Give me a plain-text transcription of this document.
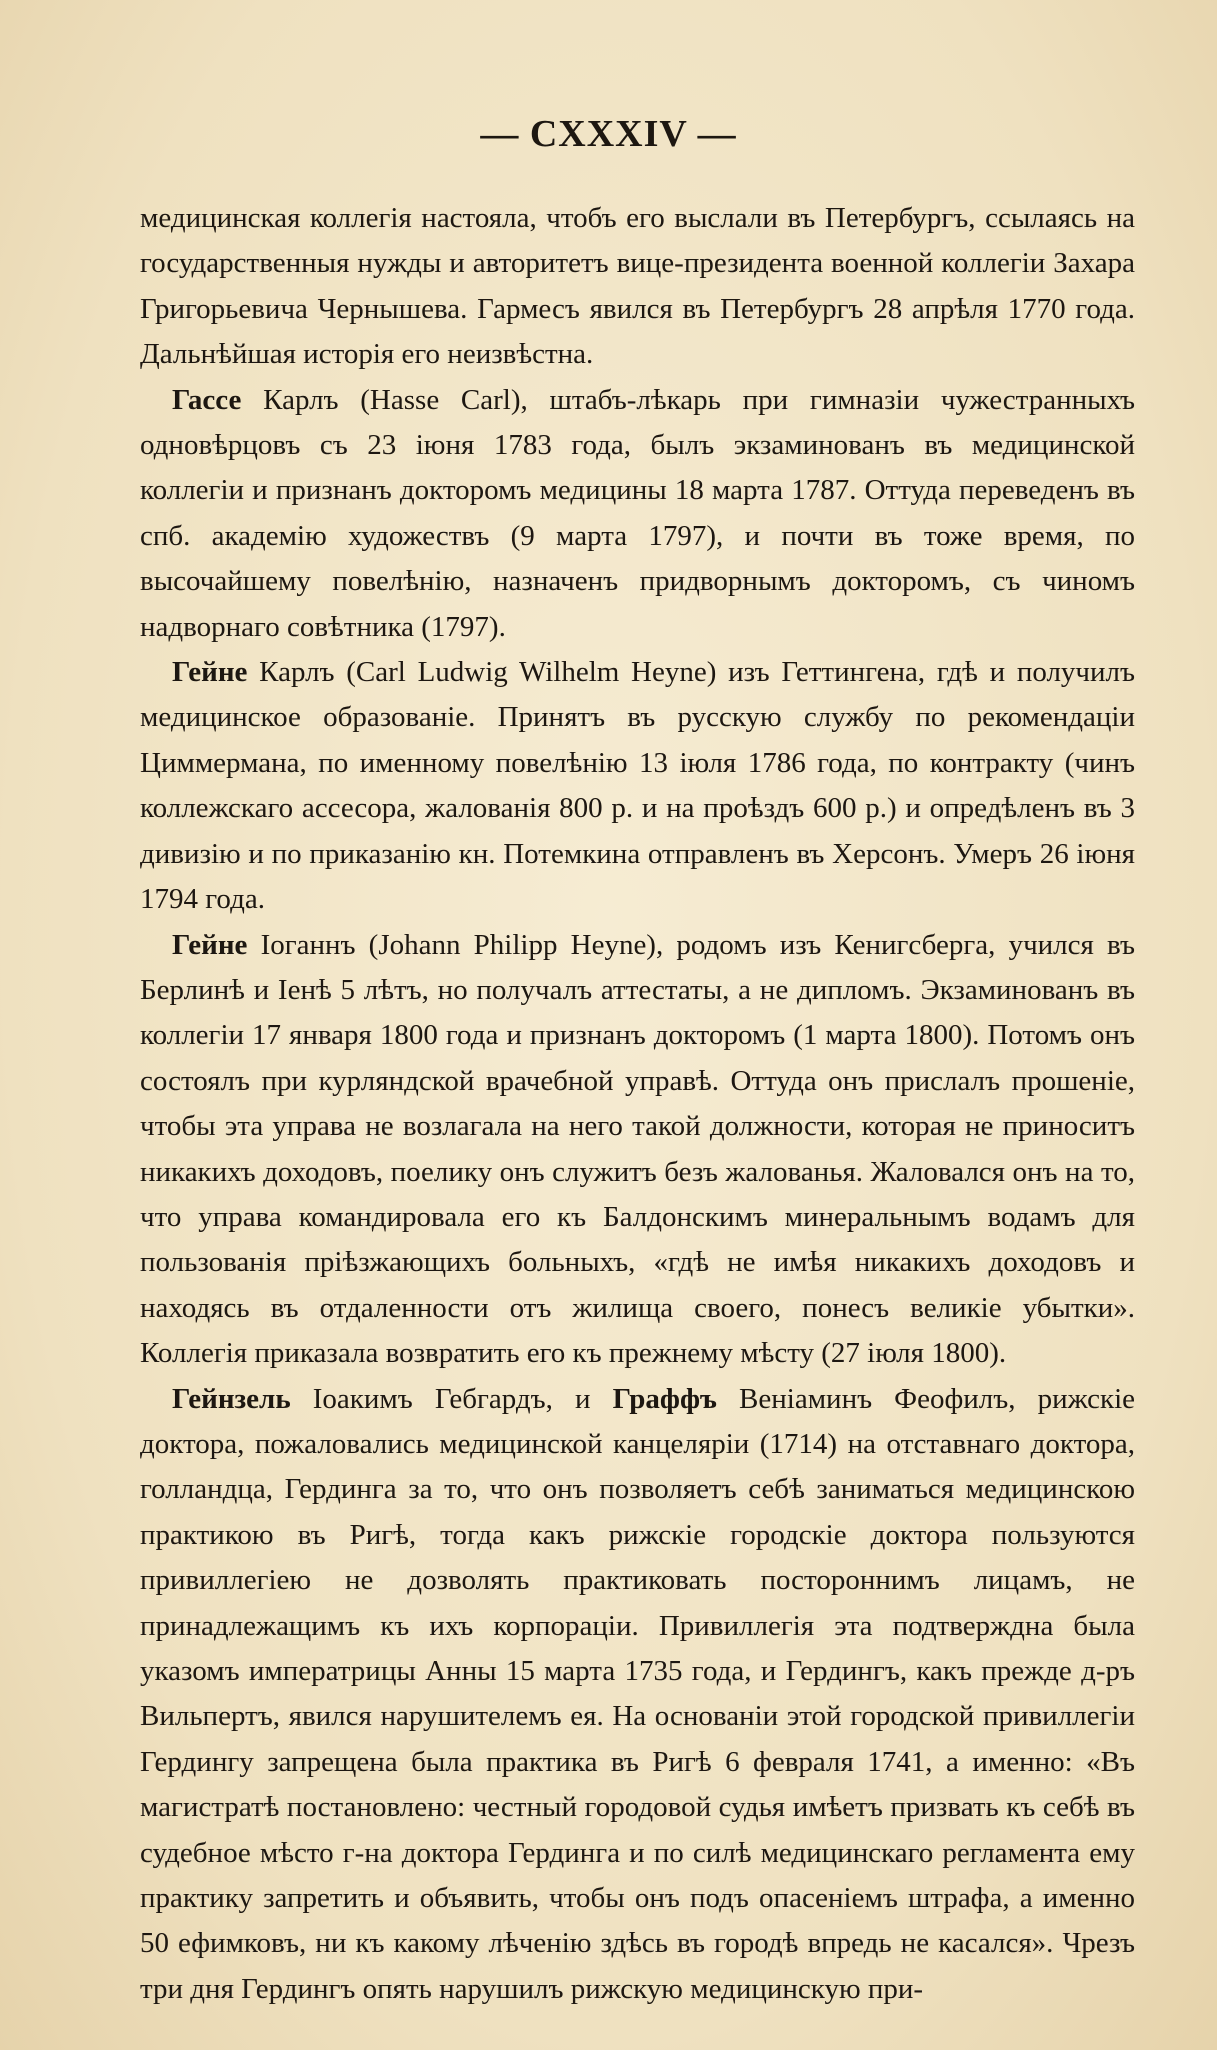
— CXXXIV —

медицинская коллегія настояла, чтобъ его выслали въ Петербургъ, ссылаясь на государственныя нужды и авторитетъ вице-президента военной коллегіи Захара Григорьевича Чернышева. Гармесъ явился въ Петербургъ 28 апрѣля 1770 года. Дальнѣйшая исторія его неизвѣстна.

Гассе Карлъ (Hasse Carl), штабъ-лѣкарь при гимназіи чужестранныхъ одновѣрцовъ съ 23 іюня 1783 года, былъ экзаминованъ въ медицинской коллегіи и признанъ докторомъ медицины 18 марта 1787. Оттуда переведенъ въ спб. академію художествъ (9 марта 1797), и почти въ тоже время, по высочайшему повелѣнію, назначенъ придворнымъ докторомъ, съ чиномъ надворнаго совѣтника (1797).

Гейне Карлъ (Carl Ludwig Wilhelm Heyne) изъ Геттингена, гдѣ и получилъ медицинское образованіе. Принятъ въ русскую службу по рекомендаціи Циммермана, по именному повелѣнію 13 іюля 1786 года, по контракту (чинъ коллежскаго ассесора, жалованія 800 р. и на проѣздъ 600 р.) и опредѣленъ въ 3 дивизію и по приказанію кн. Потемкина отправленъ въ Херсонъ. Умеръ 26 іюня 1794 года.

Гейне Іоганнъ (Johann Philipp Heyne), родомъ изъ Кенигсберга, учился въ Берлинѣ и Іенѣ 5 лѣтъ, но получалъ аттестаты, а не дипломъ. Экзаминованъ въ коллегіи 17 января 1800 года и признанъ докторомъ (1 марта 1800). Потомъ онъ состоялъ при курляндской врачебной управѣ. Оттуда онъ прислалъ прошеніе, чтобы эта управа не возлагала на него такой должности, которая не приноситъ никакихъ доходовъ, поелику онъ служитъ безъ жалованья. Жаловался онъ на то, что управа командировала его къ Балдонскимъ минеральнымъ водамъ для пользованія пріѣзжающихъ больныхъ, «гдѣ не имѣя никакихъ доходовъ и находясь въ отдаленности отъ жилища своего, понесъ великіе убытки». Коллегія приказала возвратить его къ прежнему мѣсту (27 іюля 1800).

Гейнзель Іоакимъ Гебгардъ, и Граффъ Веніаминъ Феофилъ, рижскіе доктора, пожаловались медицинской канцеляріи (1714) на отставнаго доктора, голландца, Гердинга за то, что онъ позволяетъ себѣ заниматься медицинскою практикою въ Ригѣ, тогда какъ рижскіе городскіе доктора пользуются привиллегіею не дозволять практиковать постороннимъ лицамъ, не принадлежащимъ къ ихъ корпораціи. Привиллегія эта подтверждна была указомъ императрицы Анны 15 марта 1735 года, и Гердингъ, какъ прежде д-ръ Вильпертъ, явился нарушителемъ ея. На основаніи этой городской привиллегіи Гердингу запрещена была практика въ Ригѣ 6 февраля 1741, а именно: «Въ магистратѣ постановлено: честный городовой судья имѣетъ призвать къ себѣ въ судебное мѣсто г-на доктора Гердинга и по силѣ медицинскаго регламента ему практику запретить и объявить, чтобы онъ подъ опасеніемъ штрафа, а именно 50 ефимковъ, ни къ какому лѣченію здѣсь въ городѣ впредь не касался». Чрезъ три дня Гердингъ опять нарушилъ рижскую медицинскую при-
